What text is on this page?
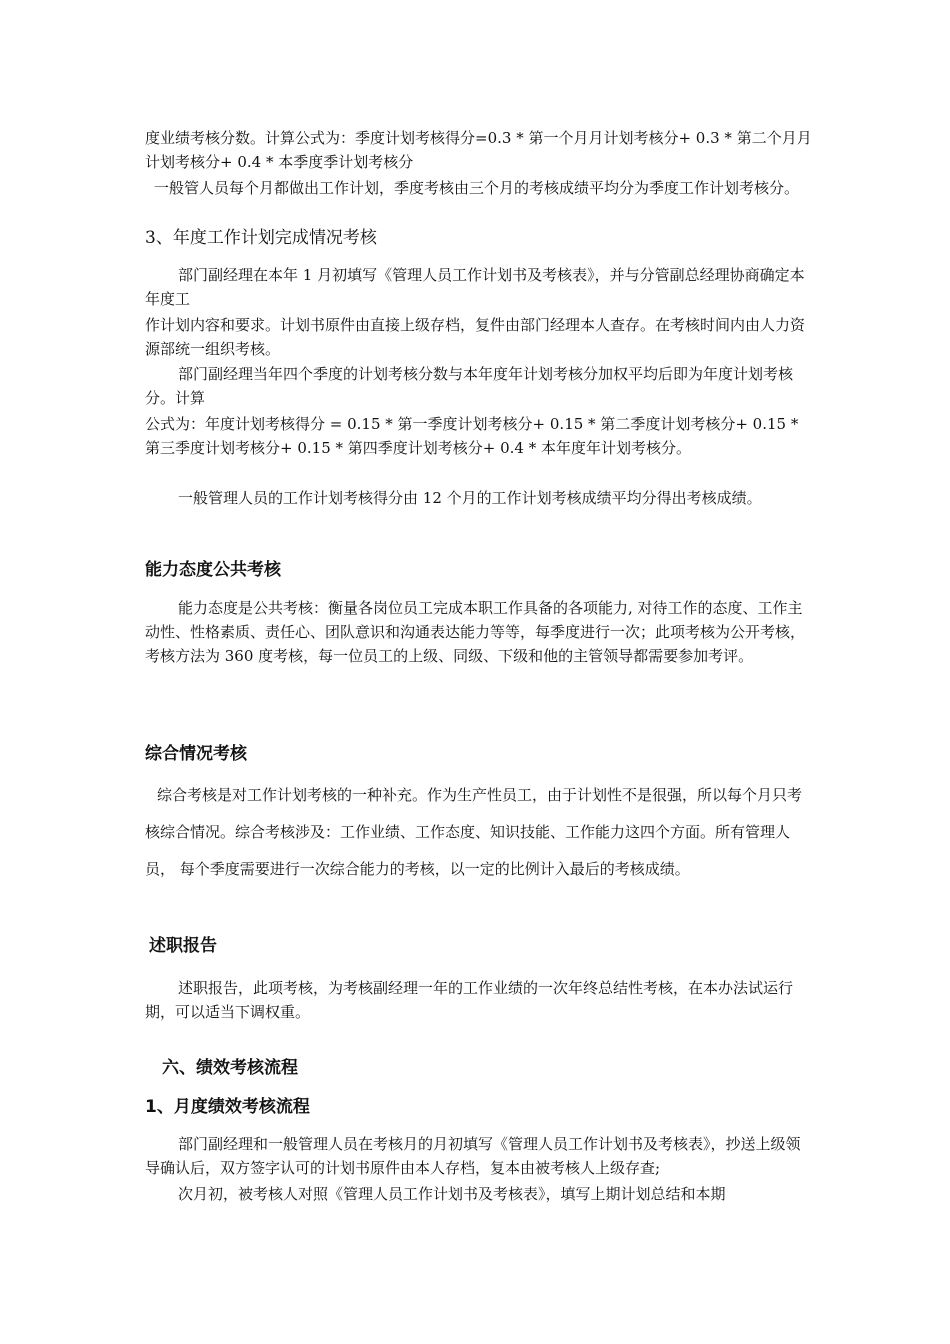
度业绩考核分数。计算公式为：季度计划考核得分=0.3 * 第一个月月计划考核分+ 0.3 * 第二个月月计划考核分+ 0.4 * 本季度季计划考核分

一般管人员每个月都做出工作计划，季度考核由三个月的考核成绩平均分为季度工作计划考核分。

3、年度工作计划完成情况考核

部门副经理在本年 1 月初填写《管理人员工作计划书及考核表》，并与分管副总经理协商确定本年度工

作计划内容和要求。计划书原件由直接上级存档，复件由部门经理本人查存。在考核时间内由人力资源部统一组织考核。

部门副经理当年四个季度的计划考核分数与本年度年计划考核分加权平均后即为年度计划考核分。计算

公式为：年度计划考核得分 = 0.15 * 第一季度计划考核分+ 0.15 * 第二季度计划考核分+ 0.15 * 第三季度计划考核分+ 0.15 * 第四季度计划考核分+ 0.4 * 本年度年计划考核分。

一般管理人员的工作计划考核得分由 12 个月的工作计划考核成绩平均分得出考核成绩。

能力态度公共考核

能力态度是公共考核：衡量各岗位员工完成本职工作具备的各项能力, 对待工作的态度、工作主动性、性格素质、责任心、团队意识和沟通表达能力等等，每季度进行一次；此项考核为公开考核，考核方法为 360 度考核，每一位员工的上级、同级、下级和他的主管领导都需要参加考评。

综合情况考核

综合考核是对工作计划考核的一种补充。作为生产性员工，由于计划性不是很强，所以每个月只考核综合情况。综合考核涉及：工作业绩、工作态度、知识技能、工作能力这四个方面。所有管理人员， 每个季度需要进行一次综合能力的考核，以一定的比例计入最后的考核成绩。

述职报告

述职报告，此项考核，为考核副经理一年的工作业绩的一次年终总结性考核，在本办法试运行期，可以适当下调权重。

六、绩效考核流程

1、月度绩效考核流程

部门副经理和一般管理人员在考核月的月初填写《管理人员工作计划书及考核表》，抄送上级领导确认后，双方签字认可的计划书原件由本人存档，复本由被考核人上级存查;

次月初，被考核人对照《管理人员工作计划书及考核表》，填写上期计划总结和本期
